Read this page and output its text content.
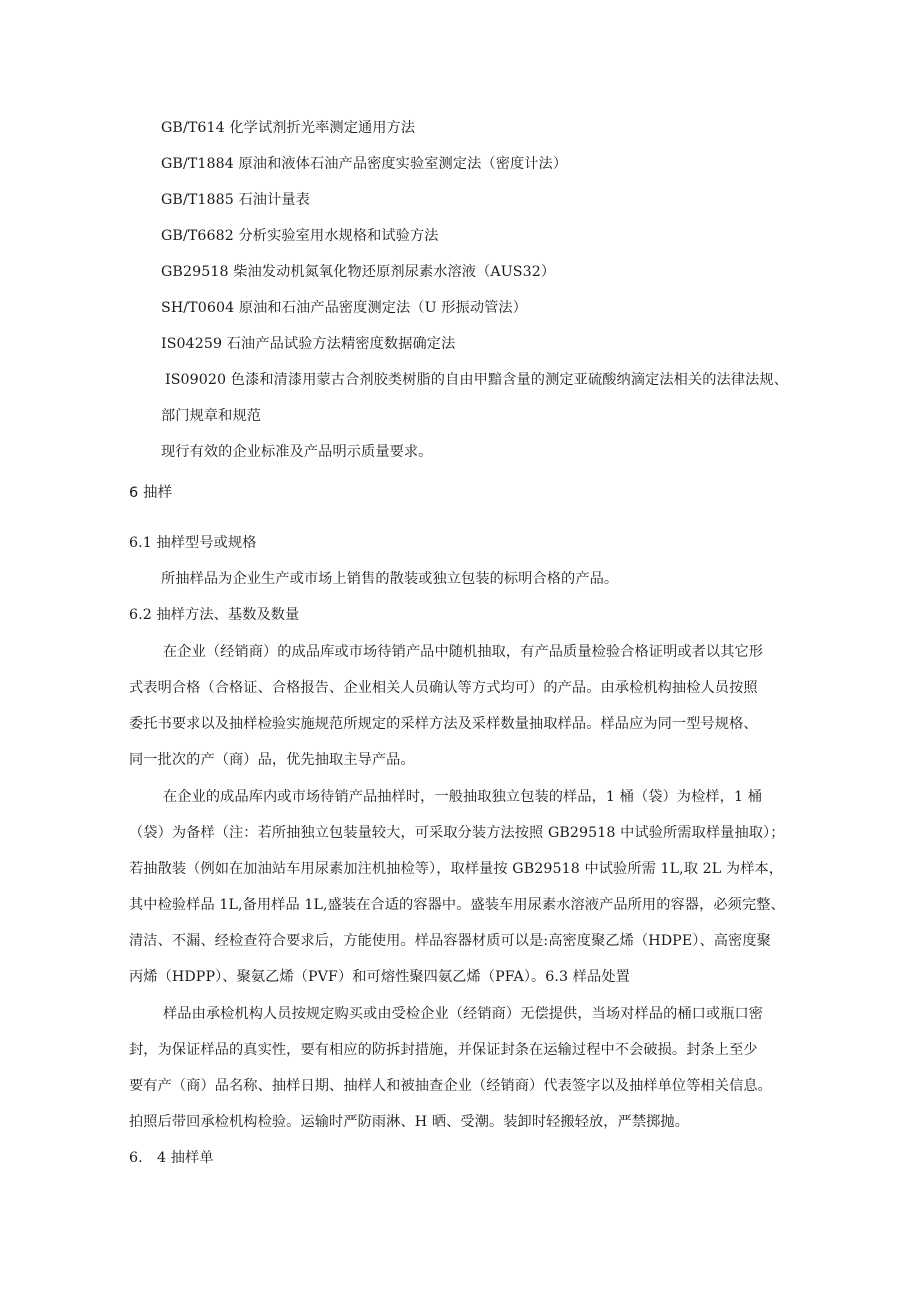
GB/T614 化学试剂折光率测定通用方法
GB/T1884 原油和液体石油产品密度实验室测定法（密度计法）
GB/T1885 石油计量表
GB/T6682 分析实验室用水规格和试验方法
GB29518 柴油发动机氮氧化物还原剂尿素水溶液（AUS32）
SH/T0604 原油和石油产品密度测定法（U 形振动管法）
IS04259 石油产品试验方法精密度数据确定法
IS09020 色漆和清漆用蒙古合剂胶类树脂的自由甲黯含量的测定亚硫酸纳滴定法相关的法律法规、
部门规章和规范
现行有效的企业标准及产品明示质量要求。
6 抽样
6.1 抽样型号或规格
所抽样品为企业生产或市场上销售的散装或独立包装的标明合格的产品。
6.2 抽样方法、基数及数量
在企业（经销商）的成品库或市场待销产品中随机抽取，有产品质量检验合格证明或者以其它形
式表明合格（合格证、合格报告、企业相关人员确认等方式均可）的产品。由承检机构抽检人员按照
委托书要求以及抽样检验实施规范所规定的采样方法及采样数量抽取样品。样品应为同一型号规格、
同一批次的产（商）品，优先抽取主导产品。
在企业的成品库内或市场待销产品抽样时，一般抽取独立包装的样品，1 桶（袋）为检样，1 桶
（袋）为备样（注：若所抽独立包装量较大，可采取分装方法按照 GB29518 中试验所需取样量抽取）；
若抽散装（例如在加油站车用尿素加注机抽检等），取样量按 GB29518 中试验所需 1L,取 2L 为样本，
其中检验样品 1L,备用样品 1L,盛装在合适的容器中。盛装车用尿素水溶液产品所用的容器，必须完整、
清洁、不漏、经检查符合要求后，方能使用。样品容器材质可以是:高密度聚乙烯（HDPE）、高密度聚
丙烯（HDPP）、聚氨乙烯（PVF）和可熔性聚四氨乙烯（PFA）。6.3 样品处置
样品由承检机构人员按规定购买或由受检企业（经销商）无偿提供，当场对样品的桶口或瓶口密
封，为保证样品的真实性，要有相应的防拆封措施，并保证封条在运输过程中不会破损。封条上至少
要有产（商）品名称、抽样日期、抽样人和被抽查企业（经销商）代表签字以及抽样单位等相关信息。
拍照后带回承检机构检验。运输时严防雨淋、H 晒、受潮。装卸时轻搬轻放，严禁掷抛。
6.　4 抽样单
